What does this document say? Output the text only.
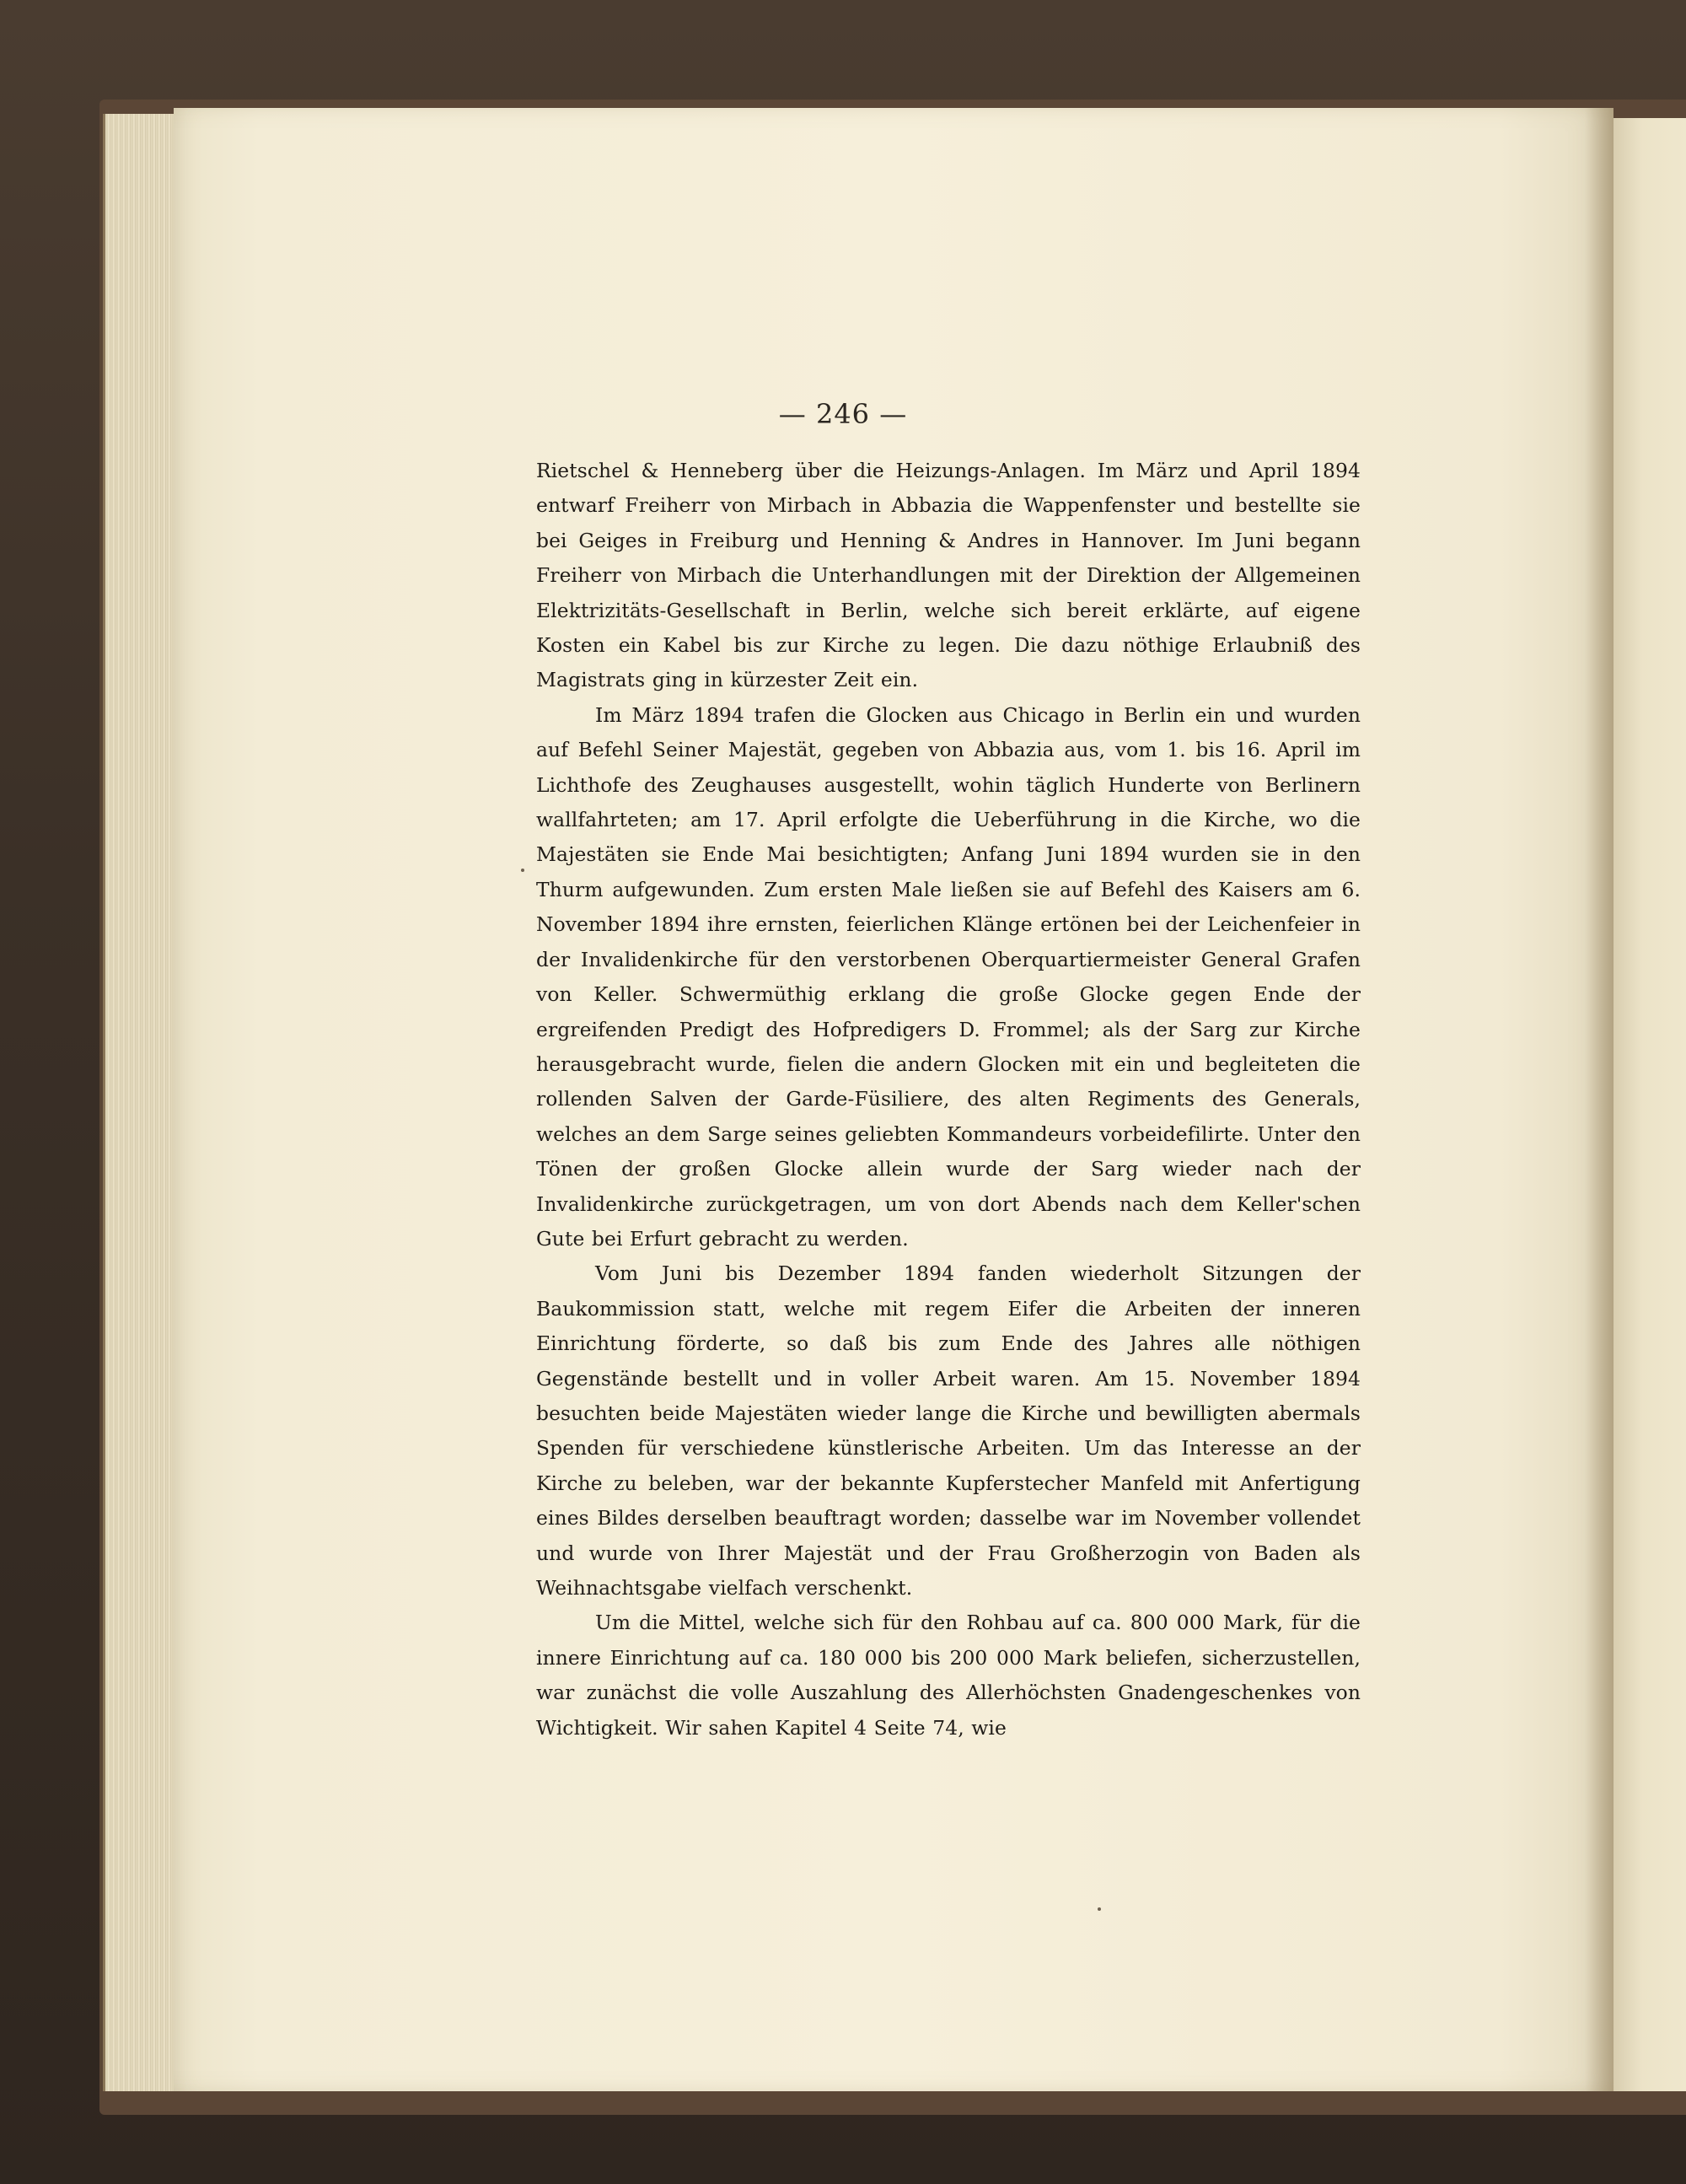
— 246 —

Rietschel & Henneberg über die Heizungs-Anlagen. Im März und April 1894 entwarf Freiherr von Mirbach in Abbazia die Wappenfenster und bestellte sie bei Geiges in Freiburg und Henning & Andres in Hannover. Im Juni begann Freiherr von Mirbach die Unterhandlungen mit der Direktion der Allgemeinen Elektrizitäts-Gesellschaft in Berlin, welche sich bereit erklärte, auf eigene Kosten ein Kabel bis zur Kirche zu legen. Die dazu nöthige Erlaubniß des Magistrats ging in kürzester Zeit ein.

Im März 1894 trafen die Glocken aus Chicago in Berlin ein und wurden auf Befehl Seiner Majestät, gegeben von Abbazia aus, vom 1. bis 16. April im Lichthofe des Zeughauses ausgestellt, wohin täglich Hunderte von Berlinern wallfahrteten; am 17. April erfolgte die Ueberführung in die Kirche, wo die Majestäten sie Ende Mai besichtigten; Anfang Juni 1894 wurden sie in den Thurm aufgewunden. Zum ersten Male ließen sie auf Befehl des Kaisers am 6. November 1894 ihre ernsten, feierlichen Klänge ertönen bei der Leichenfeier in der Invalidenkirche für den verstorbenen Oberquartiermeister General Grafen von Keller. Schwermüthig erklang die große Glocke gegen Ende der ergreifenden Predigt des Hofpredigers D. Frommel; als der Sarg zur Kirche herausgebracht wurde, fielen die andern Glocken mit ein und begleiteten die rollenden Salven der Garde-Füsiliere, des alten Regiments des Generals, welches an dem Sarge seines geliebten Kommandeurs vorbeidefilirte. Unter den Tönen der großen Glocke allein wurde der Sarg wieder nach der Invalidenkirche zurückgetragen, um von dort Abends nach dem Keller'schen Gute bei Erfurt gebracht zu werden.

Vom Juni bis Dezember 1894 fanden wiederholt Sitzungen der Baukommission statt, welche mit regem Eifer die Arbeiten der inneren Einrichtung förderte, so daß bis zum Ende des Jahres alle nöthigen Gegenstände bestellt und in voller Arbeit waren. Am 15. November 1894 besuchten beide Majestäten wieder lange die Kirche und bewilligten abermals Spenden für verschiedene künstlerische Arbeiten. Um das Interesse an der Kirche zu beleben, war der bekannte Kupferstecher Manfeld mit Anfertigung eines Bildes derselben beauftragt worden; dasselbe war im November vollendet und wurde von Ihrer Majestät und der Frau Großherzogin von Baden als Weihnachtsgabe vielfach verschenkt.

Um die Mittel, welche sich für den Rohbau auf ca. 800 000 Mark, für die innere Einrichtung auf ca. 180 000 bis 200 000 Mark beliefen, sicherzustellen, war zunächst die volle Auszahlung des Allerhöchsten Gnadengeschenkes von Wichtigkeit. Wir sahen Kapitel 4 Seite 74, wie
